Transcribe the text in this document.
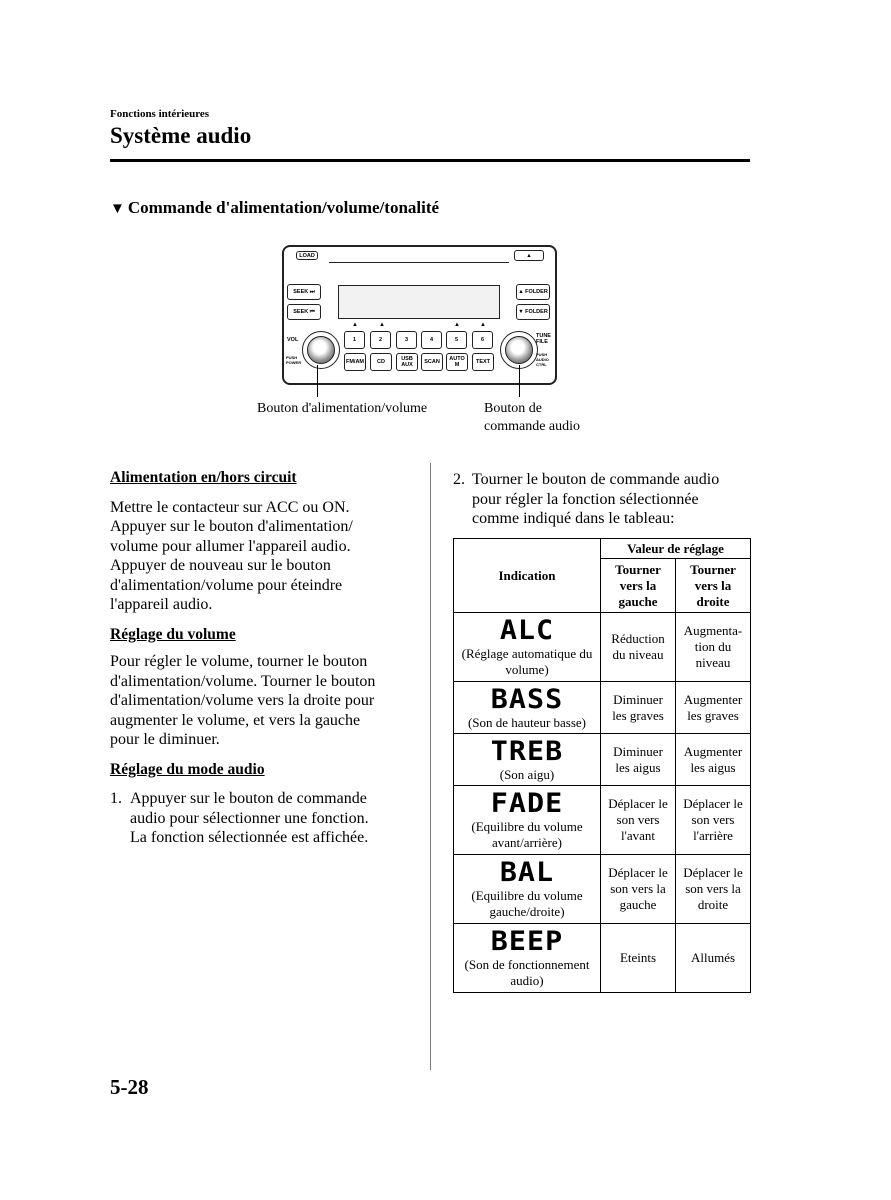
Fonctions intérieures
Système audio
▼ Commande d'alimentation/volume/tonalité
LOAD	▲
SEEK ⏭
SEEK ⏮
▲ FOLDER
▼ FOLDER
▲	▲	▲	▲
1	2	3	4	5	6
FM/AM	CD	USB AUX	SCAN	AUTO M	TEXT
VOL
PUSH POWER
TUNE FILE
PUSH AUDIO CTRL
Bouton d'alimentation/volume	Bouton de
commande audio
Alimentation en/hors circuit

Mettre le contacteur sur ACC ou ON.
Appuyer sur le bouton d'alimentation/
volume pour allumer l'appareil audio.
Appuyer de nouveau sur le bouton
d'alimentation/volume pour éteindre
l'appareil audio.

Réglage du volume

Pour régler le volume, tourner le bouton
d'alimentation/volume. Tourner le bouton
d'alimentation/volume vers la droite pour
augmenter le volume, et vers la gauche
pour le diminuer.

Réglage du mode audio
1. Appuyer sur le bouton de commande
audio pour sélectionner une fonction.
La fonction sélectionnée est affichée.
2. Tourner le bouton de commande audio
pour régler la fonction sélectionnée
comme indiqué dans le tableau:
Indication	Valeur de réglage	

	Tourner
vers la
gauche	Tourner
vers la
droite

ALC
(Réglage automatique du
volume)	Réduction
du niveau	Augmenta-
tion du
niveau

BASS
(Son de hauteur basse)	Diminuer
les graves	Augmenter
les graves

TREB
(Son aigu)	Diminuer
les aigus	Augmenter
les aigus

FADE
(Equilibre du volume
avant/arrière)	Déplacer le
son vers
l'avant	Déplacer le
son vers
l'arrière

BAL
(Equilibre du volume
gauche/droite)	Déplacer le
son vers la
gauche	Déplacer le
son vers la
droite

BEEP
(Son de fonctionnement
audio)	Eteints	Allumés
5-28
